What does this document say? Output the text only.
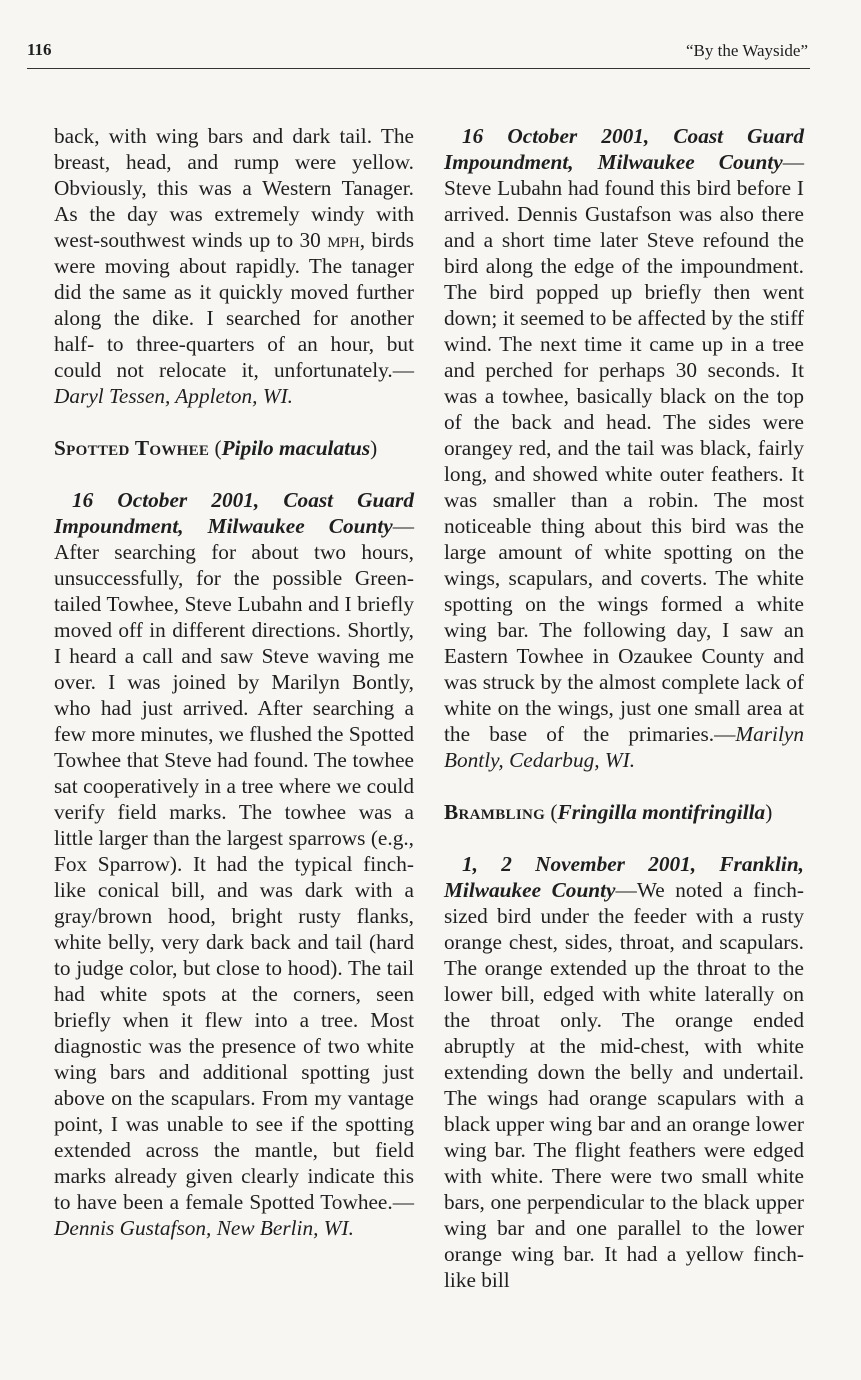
116	“By the Wayside”

back, with wing bars and dark tail. The breast, head, and rump were yellow. Obviously, this was a Western Tanager. As the day was extremely windy with west-southwest winds up to 30 mph, birds were moving about rapidly. The tanager did the same as it quickly moved further along the dike. I searched for another half- to three-quarters of an hour, but could not relocate it, unfortunately.—Daryl Tessen, Appleton, WI.

Spotted Towhee (Pipilo maculatus)

16 October 2001, Coast Guard Impoundment, Milwaukee County—After searching for about two hours, unsuccessfully, for the possible Green-tailed Towhee, Steve Lubahn and I briefly moved off in different directions. Shortly, I heard a call and saw Steve waving me over. I was joined by Marilyn Bontly, who had just arrived. After searching a few more minutes, we flushed the Spotted Towhee that Steve had found. The towhee sat cooperatively in a tree where we could verify field marks. The towhee was a little larger than the largest sparrows (e.g., Fox Sparrow). It had the typical finch-like conical bill, and was dark with a gray/brown hood, bright rusty flanks, white belly, very dark back and tail (hard to judge color, but close to hood). The tail had white spots at the corners, seen briefly when it flew into a tree. Most diagnostic was the presence of two white wing bars and additional spotting just above on the scapulars. From my vantage point, I was unable to see if the spotting extended across the mantle, but field marks already given clearly indicate this to have been a female Spotted Towhee.—Dennis Gustafson, New Berlin, WI.

16 October 2001, Coast Guard Impoundment, Milwaukee County—Steve Lubahn had found this bird before I arrived. Dennis Gustafson was also there and a short time later Steve refound the bird along the edge of the impoundment. The bird popped up briefly then went down; it seemed to be affected by the stiff wind. The next time it came up in a tree and perched for perhaps 30 seconds. It was a towhee, basically black on the top of the back and head. The sides were orangey red, and the tail was black, fairly long, and showed white outer feathers. It was smaller than a robin. The most noticeable thing about this bird was the large amount of white spotting on the wings, scapulars, and coverts. The white spotting on the wings formed a white wing bar. The following day, I saw an Eastern Towhee in Ozaukee County and was struck by the almost complete lack of white on the wings, just one small area at the base of the primaries.—Marilyn Bontly, Cedarbug, WI.

Brambling (Fringilla montifringilla)

1, 2 November 2001, Franklin, Milwaukee County—We noted a finch-sized bird under the feeder with a rusty orange chest, sides, throat, and scapulars. The orange extended up the throat to the lower bill, edged with white laterally on the throat only. The orange ended abruptly at the mid-chest, with white extending down the belly and undertail. The wings had orange scapulars with a black upper wing bar and an orange lower wing bar. The flight feathers were edged with white. There were two small white bars, one perpendicular to the black upper wing bar and one parallel to the lower orange wing bar. It had a yellow finch-like bill
